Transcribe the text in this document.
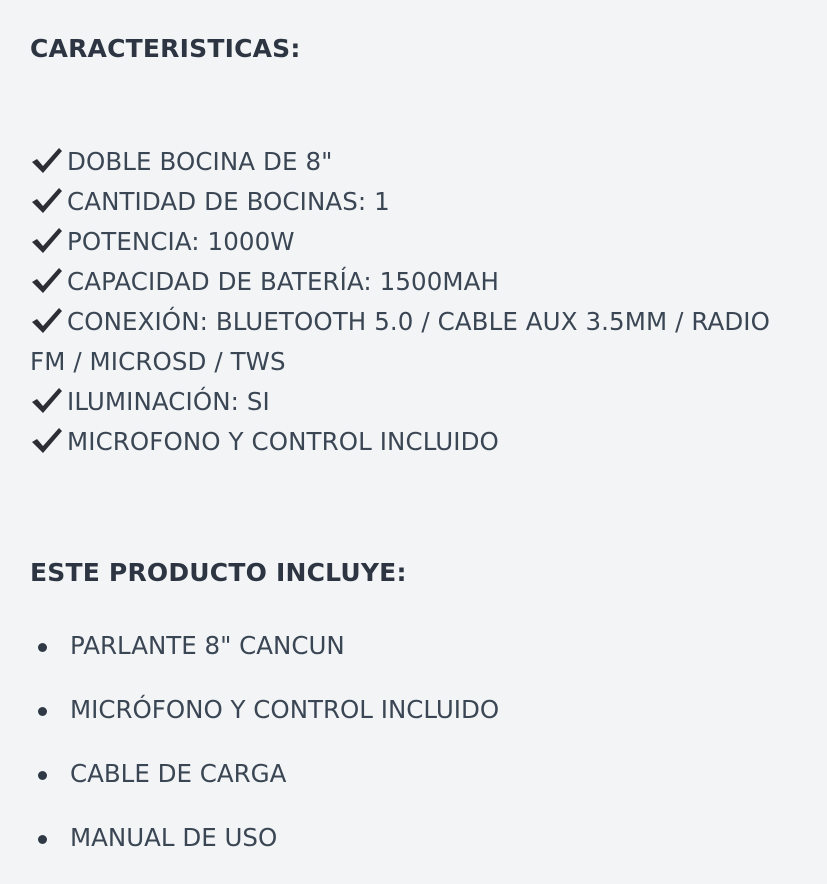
CARACTERISTICAS:
DOBLE BOCINA DE 8"
CANTIDAD DE BOCINAS: 1
POTENCIA: 1000W
CAPACIDAD DE BATERÍA: 1500MAH
CONEXIÓN: BLUETOOTH 5.0 / CABLE AUX 3.5MM / RADIO FM / MICROSD / TWS
ILUMINACIÓN: SI
MICROFONO Y CONTROL INCLUIDO
ESTE PRODUCTO INCLUYE:
PARLANTE 8" CANCUN
MICRÓFONO Y CONTROL INCLUIDO
CABLE DE CARGA
MANUAL DE USO
